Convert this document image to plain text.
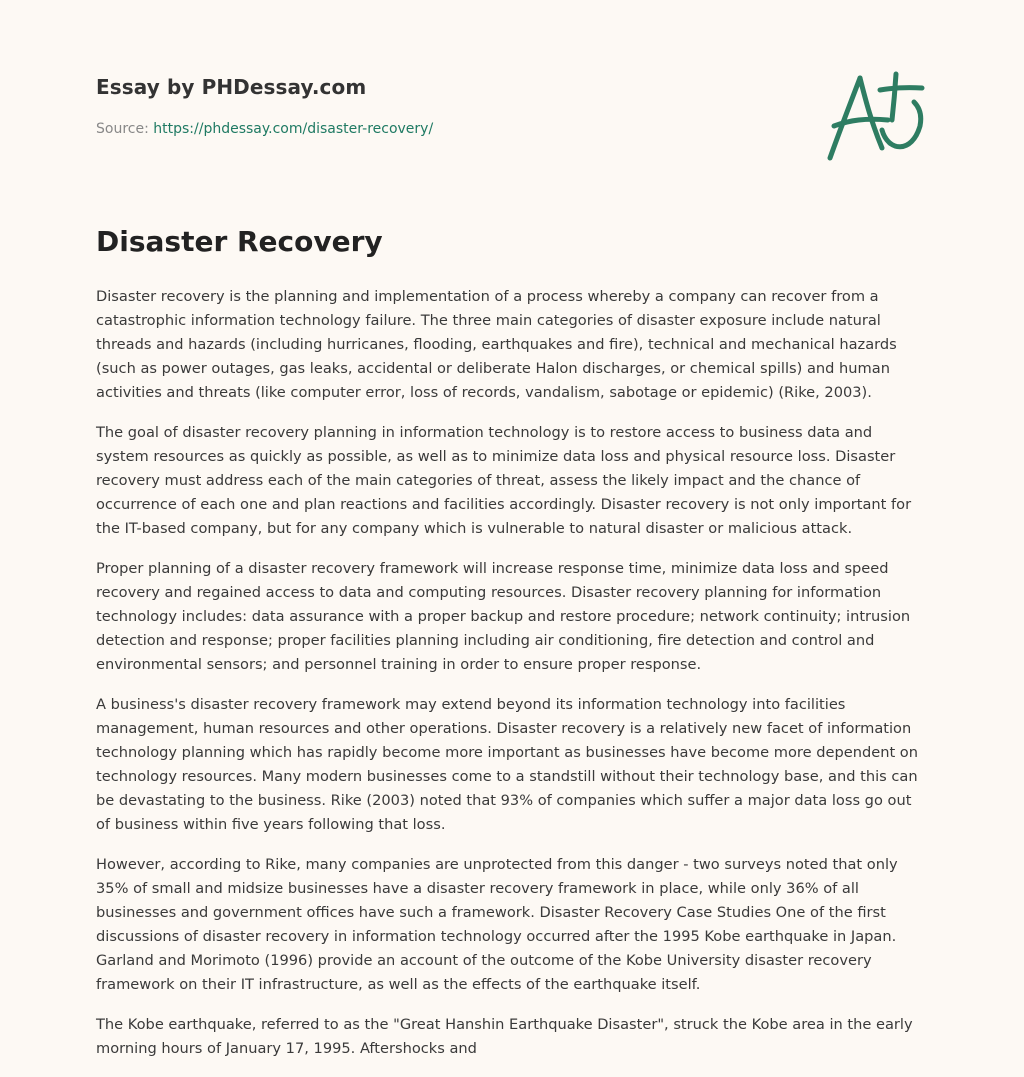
Essay by PHDessay.com
Source: https://phdessay.com/disaster-recovery/
Disaster Recovery

Disaster recovery is the planning and implementation of a process whereby a company can recover from a catastrophic information technology failure. The three main categories of disaster exposure include natural threads and hazards (including hurricanes, flooding, earthquakes and fire), technical and mechanical hazards (such as power outages, gas leaks, accidental or deliberate Halon discharges, or chemical spills) and human activities and threats (like computer error, loss of records, vandalism, sabotage or epidemic) (Rike, 2003).

The goal of disaster recovery planning in information technology is to restore access to business data and system resources as quickly as possible, as well as to minimize data loss and physical resource loss. Disaster recovery must address each of the main categories of threat, assess the likely impact and the chance of occurrence of each one and plan reactions and facilities accordingly. Disaster recovery is not only important for the IT-based company, but for any company which is vulnerable to natural disaster or malicious attack.

Proper planning of a disaster recovery framework will increase response time, minimize data loss and speed recovery and regained access to data and computing resources. Disaster recovery planning for information technology includes: data assurance with a proper backup and restore procedure; network continuity; intrusion detection and response; proper facilities planning including air conditioning, fire detection and control and environmental sensors; and personnel training in order to ensure proper response.

A business's disaster recovery framework may extend beyond its information technology into facilities management, human resources and other operations. Disaster recovery is a relatively new facet of information technology planning which has rapidly become more important as businesses have become more dependent on technology resources. Many modern businesses come to a standstill without their technology base, and this can be devastating to the business. Rike (2003) noted that 93% of companies which suffer a major data loss go out of business within five years following that loss.

However, according to Rike, many companies are unprotected from this danger - two surveys noted that only 35% of small and midsize businesses have a disaster recovery framework in place, while only 36% of all businesses and government offices have such a framework. Disaster Recovery Case Studies One of the first discussions of disaster recovery in information technology occurred after the 1995 Kobe earthquake in Japan. Garland and Morimoto (1996) provide an account of the outcome of the Kobe University disaster recovery framework on their IT infrastructure, as well as the effects of the earthquake itself.

The Kobe earthquake, referred to as the "Great Hanshin Earthquake Disaster", struck the Kobe area in the early morning hours of January 17, 1995. Aftershocks and
